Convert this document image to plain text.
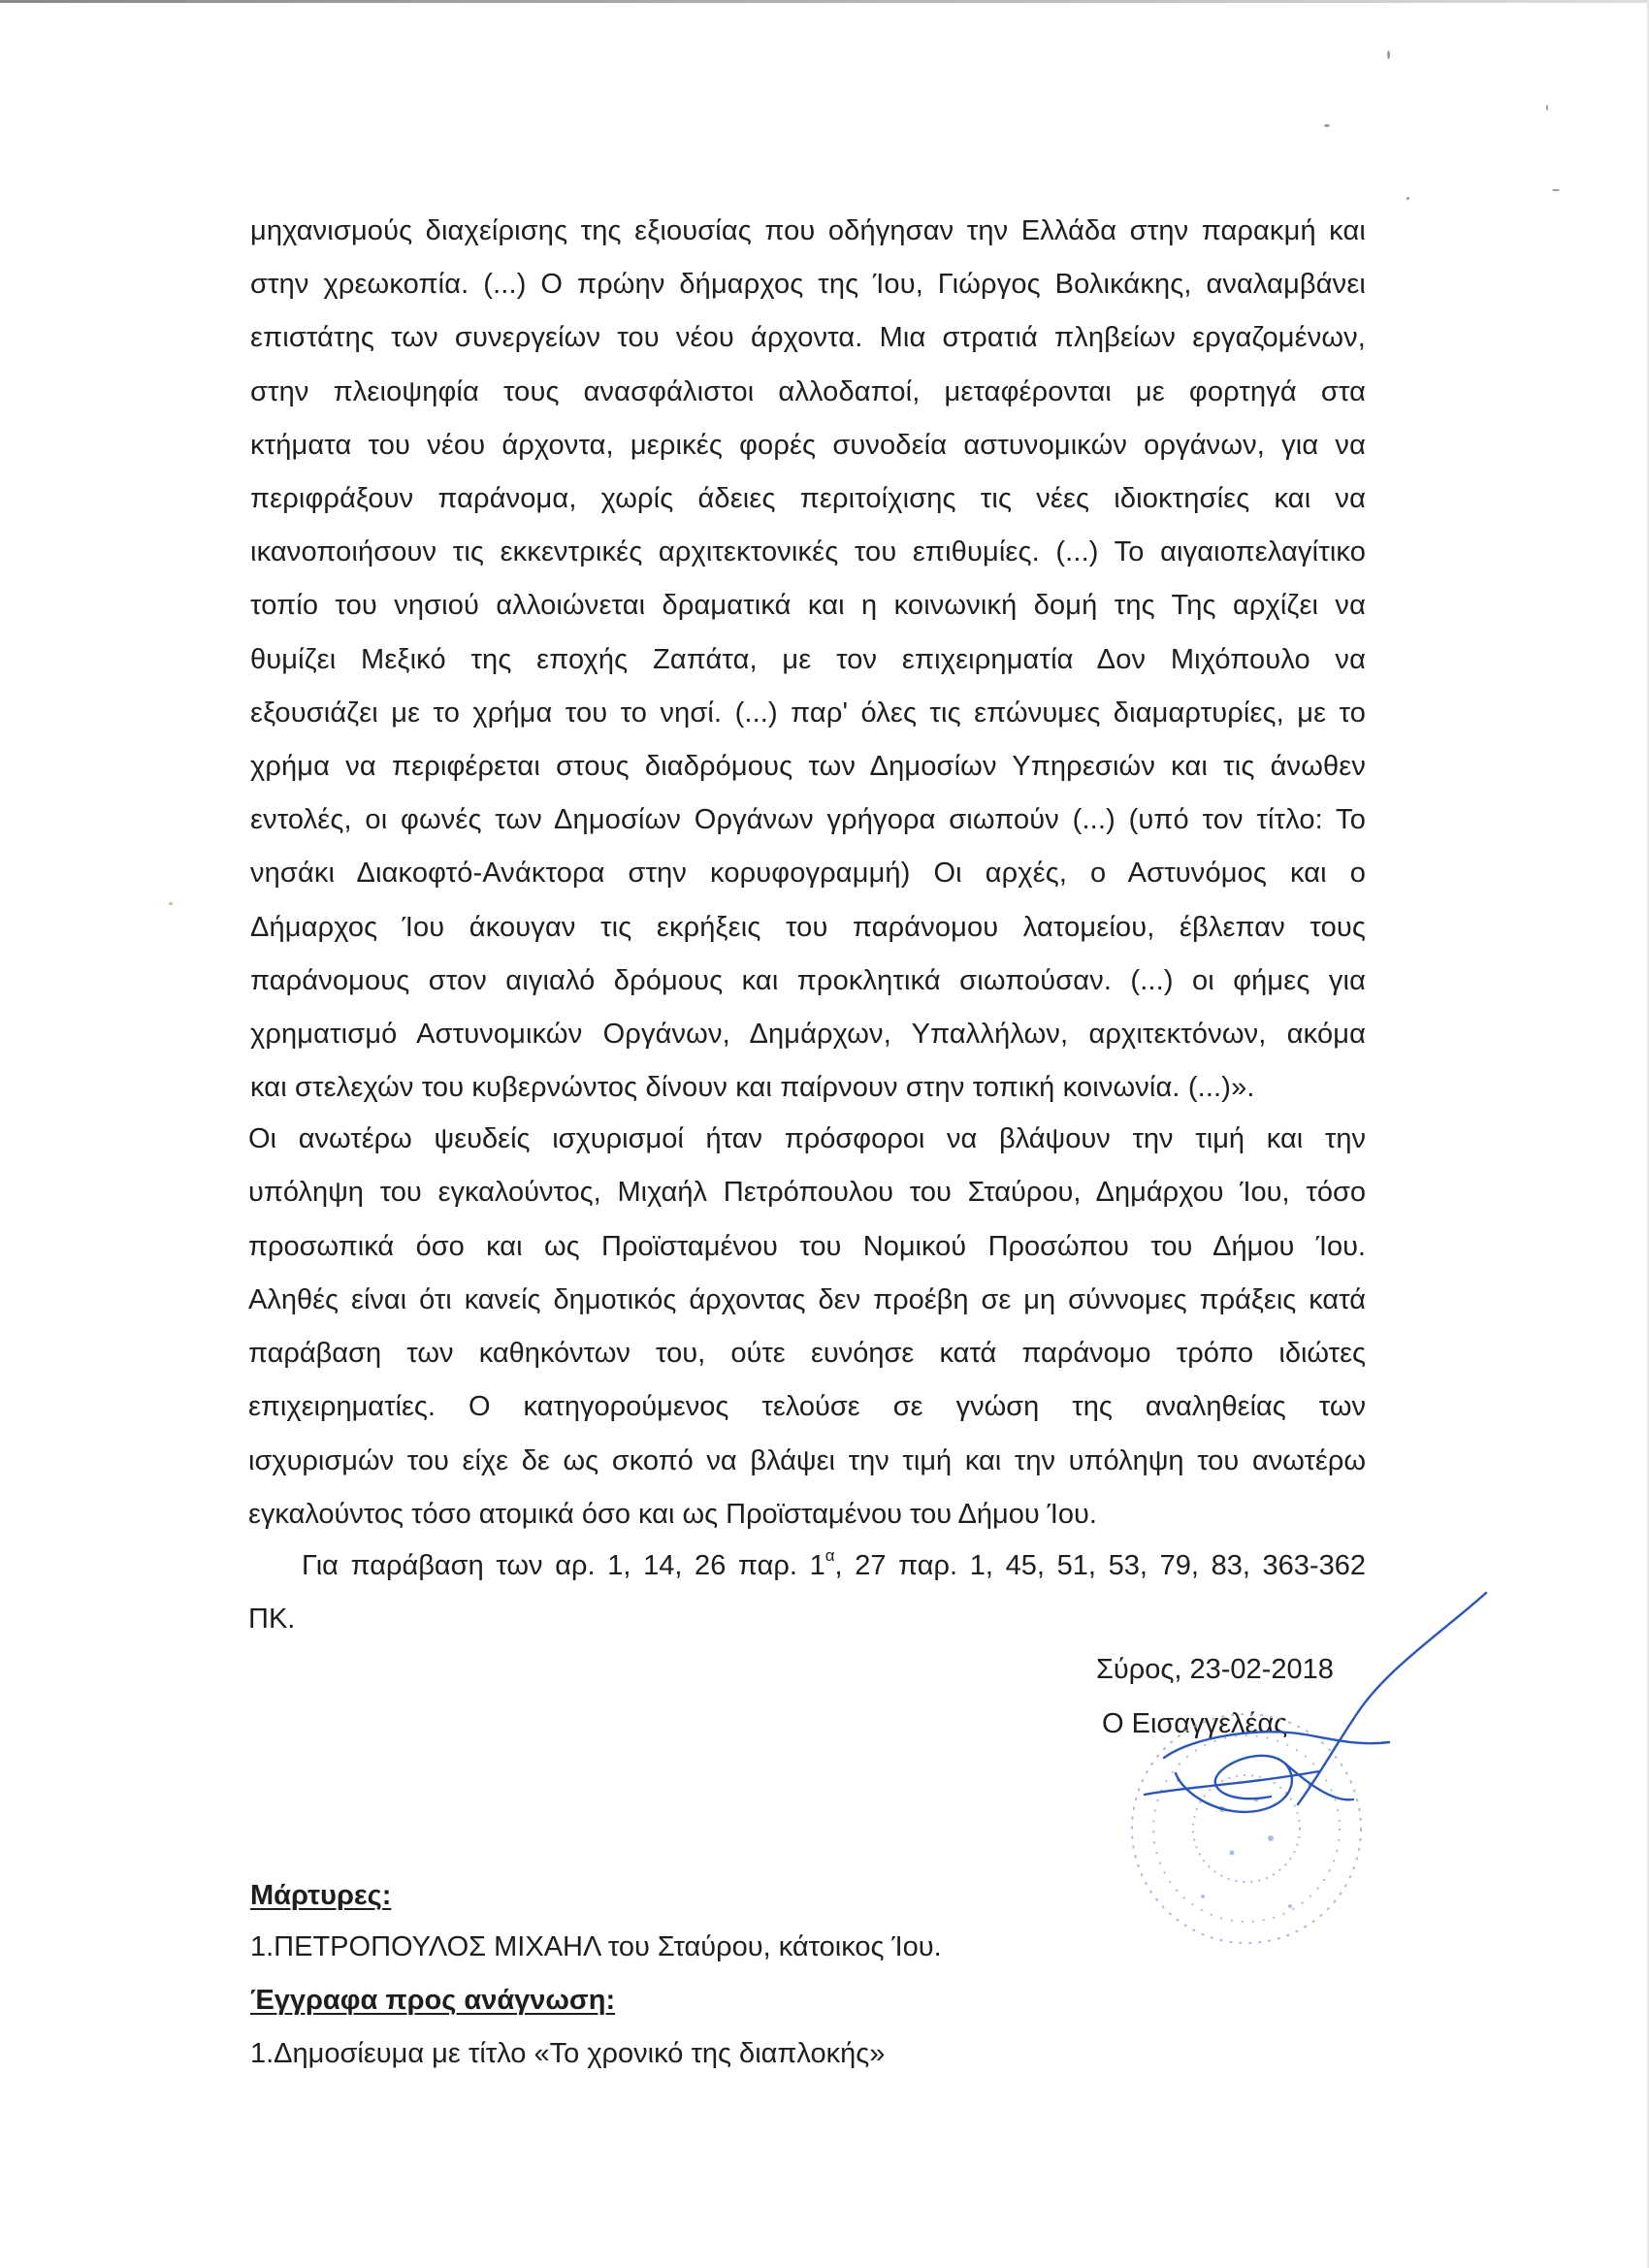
μηχανισμούς διαχείρισης της εξιουσίας που οδήγησαν την Ελλάδα στην παρακμή και

στην χρεωκοπία. (...) Ο πρώην δήμαρχος της Ίου, Γιώργος Βολικάκης, αναλαμβάνει

επιστάτης των συνεργείων του νέου άρχοντα. Μια στρατιά πληβείων εργαζομένων,

στην πλειοψηφία τους ανασφάλιστοι αλλοδαποί, μεταφέρονται με φορτηγά στα

κτήματα του νέου άρχοντα, μερικές φορές συνοδεία αστυνομικών οργάνων, για να

περιφράξουν παράνομα, χωρίς άδειες περιτοίχισης τις νέες ιδιοκτησίες και να

ικανοποιήσουν τις εκκεντρικές αρχιτεκτονικές του επιθυμίες. (...) Το αιγαιοπελαγίτικο

τοπίο του νησιού αλλοιώνεται δραματικά και η κοινωνική δομή της Της αρχίζει να

θυμίζει Μεξικό της εποχής Ζαπάτα, με τον επιχειρηματία Δον Μιχόπουλο να

εξουσιάζει με το χρήμα του το νησί. (...) παρ' όλες τις επώνυμες διαμαρτυρίες, με το

χρήμα να περιφέρεται στους διαδρόμους των Δημοσίων Υπηρεσιών και τις άνωθεν

εντολές, οι φωνές των Δημοσίων Οργάνων γρήγορα σιωπούν (...) (υπό τον τίτλο: Το

νησάκι Διακοφτό-Ανάκτορα στην κορυφογραμμή) Οι αρχές, ο Αστυνόμος και ο

Δήμαρχος Ίου άκουγαν τις εκρήξεις του παράνομου λατομείου, έβλεπαν τους

παράνομους στον αιγιαλό δρόμους και προκλητικά σιωπούσαν. (...) οι φήμες για

χρηματισμό Αστυνομικών Οργάνων, Δημάρχων, Υπαλλήλων, αρχιτεκτόνων, ακόμα

και στελεχών του κυβερνώντος δίνουν και παίρνουν στην τοπική κοινωνία. (...)».

Οι ανωτέρω ψευδείς ισχυρισμοί ήταν πρόσφοροι να βλάψουν την τιμή και την

υπόληψη του εγκαλούντος, Μιχαήλ Πετρόπουλου του Σταύρου, Δημάρχου Ίου, τόσο

προσωπικά όσο και ως Προϊσταμένου του Νομικού Προσώπου του Δήμου Ίου.

Αληθές είναι ότι κανείς δημοτικός άρχοντας δεν προέβη σε μη σύννομες πράξεις κατά

παράβαση των καθηκόντων του, ούτε ευνόησε κατά παράνομο τρόπο ιδιώτες

επιχειρηματίες. Ο κατηγορούμενος τελούσε σε γνώση της αναληθείας των

ισχυρισμών του είχε δε ως σκοπό να βλάψει την τιμή και την υπόληψη του ανωτέρω

εγκαλούντος τόσο ατομικά όσο και ως Προϊσταμένου του Δήμου Ίου.

Για παράβαση των αρ. 1, 14, 26 παρ. $1^\alpha$, 27 παρ. 1, 45, 51, 53, 79, 83, 363-362

ΠΚ.

Σύρος, 23-02-2018
Ο Εισαγγελέας
Μάρτυρες:
1.ΠΕΤΡΟΠΟΥΛΟΣ ΜΙΧΑΗΛ του Σταύρου, κάτοικος Ίου.
Έγγραφα προς ανάγνωση:
1.Δημοσίευμα με τίτλο «Το χρονικό της διαπλοκής»
